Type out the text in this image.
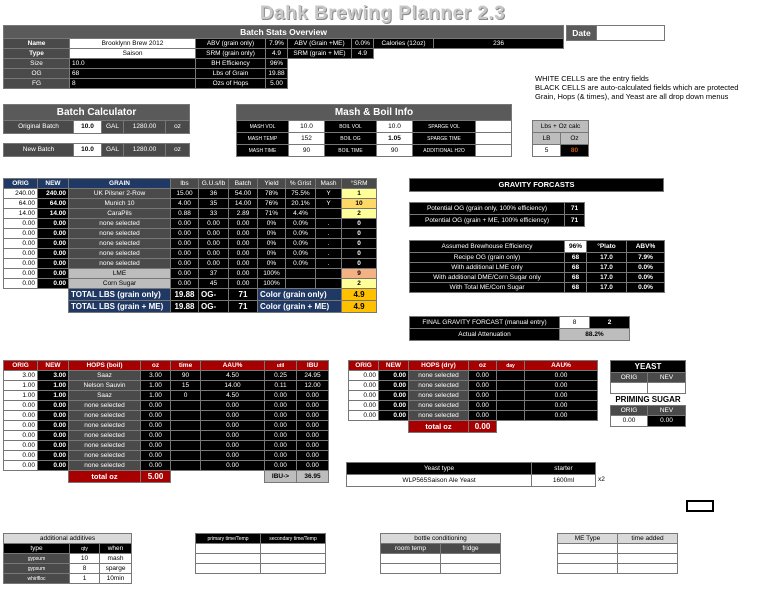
Dahk Brewing Planner 2.3
Batch Stats Overview							
Name	Brooklynn Brew 2012	ABV (grain only)	7.9%	ABV (Grain +ME)	0.0%	Calories (12oz)	236
Type	Saison	SRM (grain only)	4.9	SRM (grain + ME)	4.9		
Size	10.0	BH Efficiency	96%				
OG	68	Lbs of Grain	19.88				
FG	8	Ozs of Hops	5.00				
Date	
WHITE CELLS are the entry fields
BLACK CELLS are auto-calculated fields which are protected
Grain, Hops (& times), and Yeast are all drop down menus
Batch Calculator				
Original Batch	10.0	GAL	1280.00	oz

New Batch	10.0	GAL	1280.00	oz
Mash & Boil Info					
MASH VOL	10.0	BOIL VOL	10.0	SPARGE VOL	
MASH TEMP	152	BOIL OG	1.05	SPARGE TIME	
MASH TIME	90	BOIL TIME	90	ADDITIONAL H2O	
Lbs + Oz calc	
LB	Oz
5	80
ORIG	NEW	GRAIN	lbs	G.U.s/lb	Batch	Yield	% Grist	Mash	°SRM
240.00	240.00	UK Pilsner 2-Row	15.00	36	54.00	78%	75.5%	Y	1
64.00	64.00	Munich 10	4.00	35	14.00	76%	20.1%	Y	10
14.00	14.00	CaraPils	0.88	33	2.89	71%	4.4%		2
0.00	0.00	none selected	0.00	0.00	0.00	0%	0.0%	.	0
0.00	0.00	none selected	0.00	0.00	0.00	0%	0.0%	.	0
0.00	0.00	none selected	0.00	0.00	0.00	0%	0.0%	.	0
0.00	0.00	none selected	0.00	0.00	0.00	0%	0.0%	.	0
0.00	0.00	none selected	0.00	0.00	0.00	0%	0.0%	.	0
0.00	0.00	LME	0.00	37	0.00	100%			9
0.00	0.00	Corn Sugar	0.00	45	0.00	100%			2
		TOTAL LBS (grain only)	19.88	OG-	71	Color (grain only)			4.9
		TOTAL LBS (grain + ME)	19.88	OG-	71	Color (grain + ME)			4.9
GRAVITY FORCASTS
Potential OG (grain only, 100% efficiency)	71
Potential OG (grain + ME, 100% efficiency)	71
Assumed Brewhouse Efficiency	96%	°Plato	ABV%
Recipe OG (grain only)	68	17.0	7.9%
With additional LME only	68	17.0	0.0%
With additional DME/Corn Sugar only	68	17.0	0.0%
With Total ME/Corn Sugar	68	17.0	0.0%
FINAL GRAVITY FORCAST (manual entry)	8	2
Actual Attenuation	88.2%	
ORIG	NEW	HOPS (boil)	oz	time	AAU%	util	IBU
3.00	3.00	Saaz	3.00	90	4.50	0.25	24.95
1.00	1.00	Nelson Sauvin	1.00	15	14.00	0.11	12.00
1.00	1.00	Saaz	1.00	0	4.50	0.00	0.00
0.00	0.00	none selected	0.00		0.00	0.00	0.00
0.00	0.00	none selected	0.00		0.00	0.00	0.00
0.00	0.00	none selected	0.00		0.00	0.00	0.00
0.00	0.00	none selected	0.00		0.00	0.00	0.00
0.00	0.00	none selected	0.00		0.00	0.00	0.00
0.00	0.00	none selected	0.00		0.00	0.00	0.00
0.00	0.00	none selected	0.00		0.00	0.00	0.00
		total oz	5.00			IBU->	36.95
ORIG	NEW	HOPS (dry)	oz	day	AAU%
0.00	0.00	none selected	0.00		0.00
0.00	0.00	none selected	0.00		0.00
0.00	0.00	none selected	0.00		0.00
0.00	0.00	none selected	0.00		0.00
0.00	0.00	none selected	0.00		0.00
		total oz	0.00		
YEAST	
ORIG	NEV

PRIMING SUGAR	
ORIG	NEV
0.00	0.00
Yeast type	starter
WLP565Saison Ale Yeast	1600ml	x2
additional additives		
type	qty	when
gypsum	10	mash
gypsum	8	sparge
whirlfloc	1	10min
primary time/Temp	secondary time/Temp

		bottle conditioning	
room temp	fridge

ME Type	time added
